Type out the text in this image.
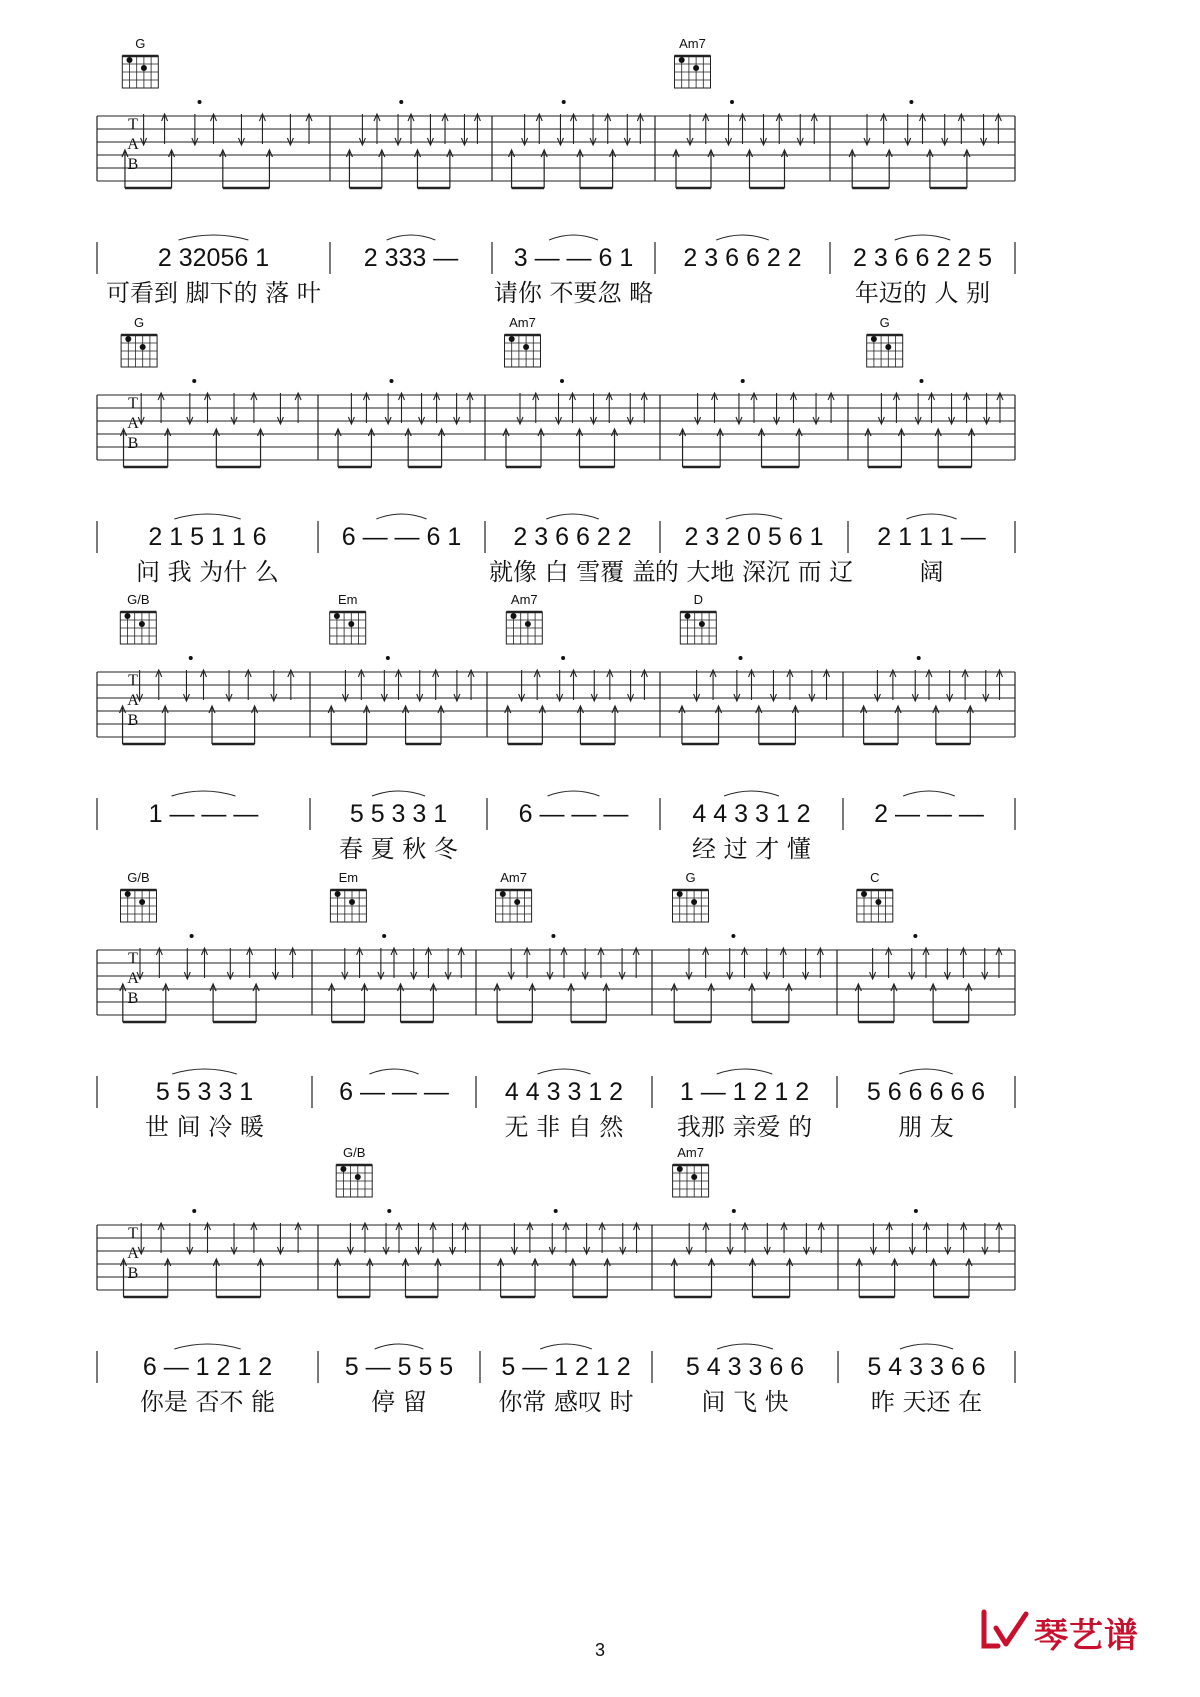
T
A
B
G	Am7
2 32056 1
可看到 脚下的 落 叶
2 333 — 3 — — 6 1
请你 不要忽 略
2 3 6 6 2 2 2 3 6 6 2 2 5
年迈的 人 别
T
A
B
G	Am7	G
2 1 5 1 1 6
问 我 为什 么
6 — — 6 1 2 3 6 6 2 2
就像 白 雪覆 盖
2 3 2 0 5 6 1
的 大地 深沉 而 辽
2 1 1 1 —
阔
T
A
B
G/B	Em	Am7	D
1 — — —	5 5 3 3 1
春 夏 秋 冬
6 — — —	4 4 3 3 1 2
经 过 才 懂
2 — — —
T
A
B
G/B	Em	Am7	G	C
5 5 3 3 1
世 间 冷 暖
6 — — — 4 4 3 3 1 2
无 非 自 然
1 — 1 2 1 2
我那 亲爱 的
5 6 6 6 6 6
朋 友
T
A
B
G/B	Am7
6 — 1 2 1 2
你是 否不 能
5 — 5 5 5
停 留
5 — 1 2 1 2
你常 感叹 时
5 4 3 3 6 6
间 飞 快
5 4 3 3 6 6
昨 天还 在
3	琴艺谱
